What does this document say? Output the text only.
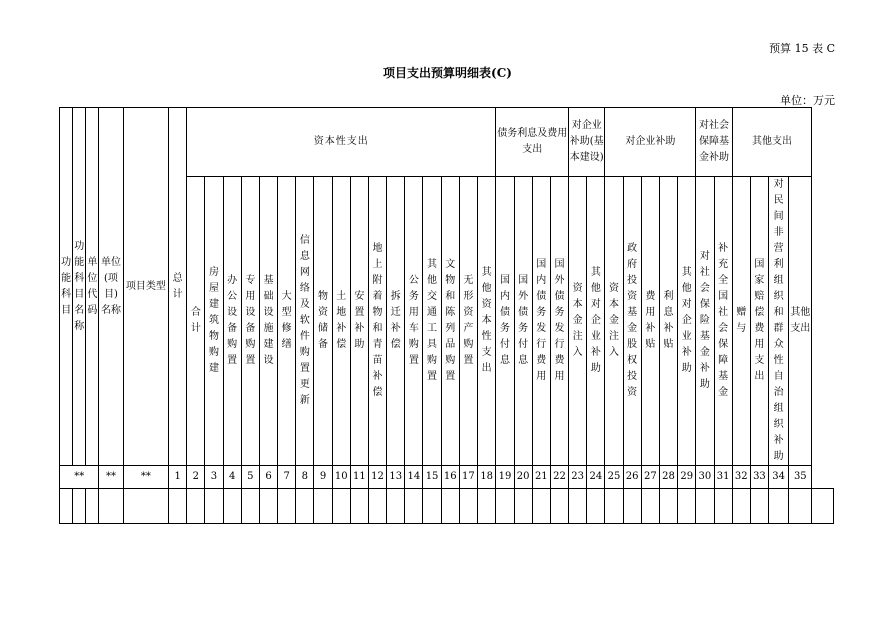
预算 15 表 C
项目支出预算明细表(C)
单位：万元
功能科目	功能科目名称	单位代码	单位(项目)名称	项目类型	总计	资本性支出																	债务利息及费用支出				对企业补助(基本建设)		对企业补助					对社会保障基金补助		其他支出				
						合计	房屋建筑物购建	办公设备购置	专用设备购置	基础设施建设	大型修缮	信息网络及软件购置更新	物资储备	土地补偿	安置补助	地上附着物和青苗补偿	拆迁补偿	公务用车购置	其他交通工具购置	文物和陈列品购置	无形资产购置	其他资本性支出	国内债务付息	国外债务付息	国内债务发行费用	国外债务发行费用	资本金注入	其他对企业补助	资本金注入	政府投资基金股权投资	费用补贴	利息补贴	其他对企业补助	对社会保险基金补助	补充全国社会保障基金	赠与	国家赔偿费用支出	对民间非营利组织和群众性自治组织补助	其他支出	
**			**	**	1	2	3	4	5	6	7	8	9	10	11	12	13	14	15	16	17	18	19	20	21	22	23	24	25	26	27	28	29	30	31	32	33	34	35	
